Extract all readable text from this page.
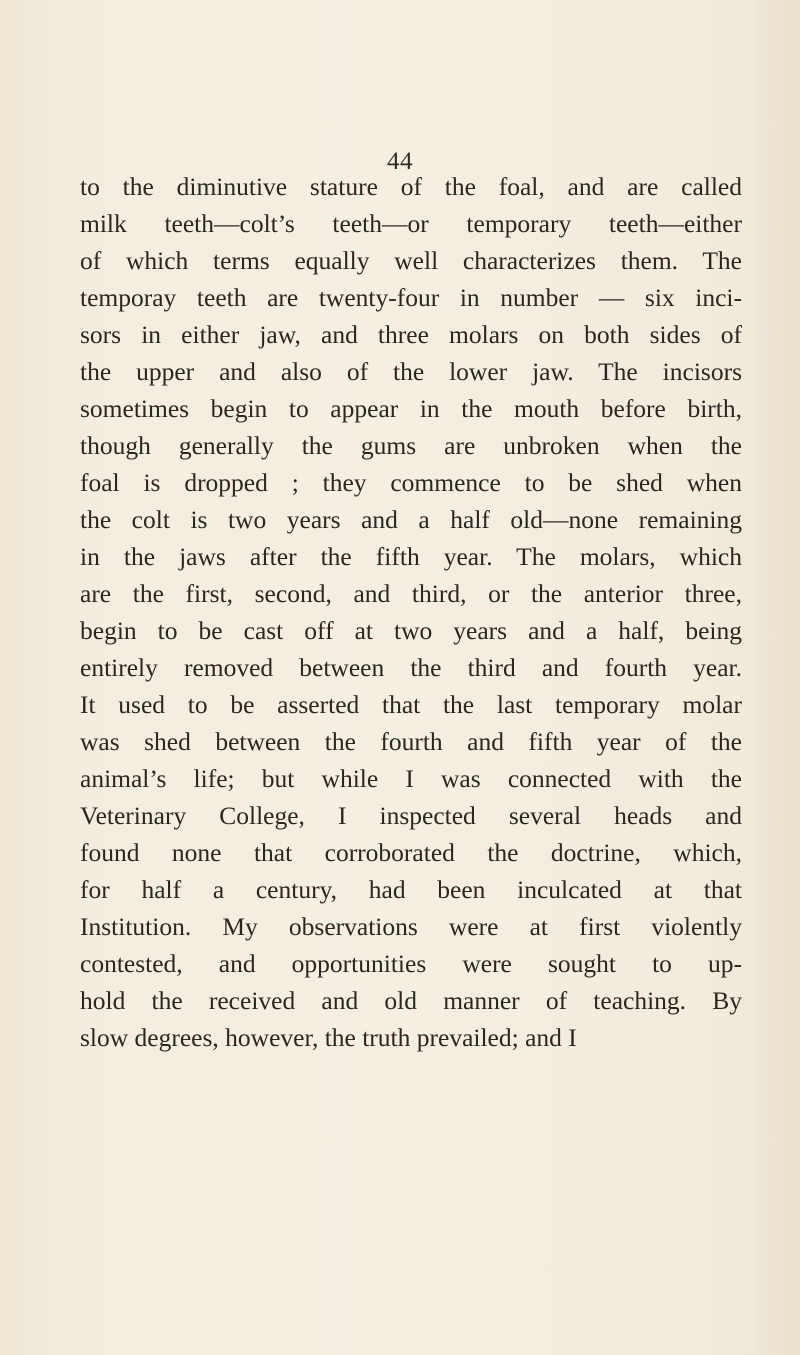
44
to the diminutive stature of the foal, and are called
milk teeth—colt’s teeth—or temporary teeth—either
of which terms equally well characterizes them. The
temporay teeth are twenty-four in number — six inci-
sors in either jaw, and three molars on both sides of
the upper and also of the lower jaw. The incisors
sometimes begin to appear in the mouth before birth,
though generally the gums are unbroken when the
foal is dropped ; they commence to be shed when
the colt is two years and a half old—none remaining
in the jaws after the fifth year. The molars, which
are the first, second, and third, or the anterior three,
begin to be cast off at two years and a half, being
entirely removed between the third and fourth year.
It used to be asserted that the last temporary molar
was shed between the fourth and fifth year of the
animal’s life; but while I was connected with the
Veterinary College, I inspected several heads and
found none that corroborated the doctrine, which,
for half a century, had been inculcated at that
Institution. My observations were at first violently
contested, and opportunities were sought to up-
hold the received and old manner of teaching. By
slow degrees, however, the truth prevailed; and I
